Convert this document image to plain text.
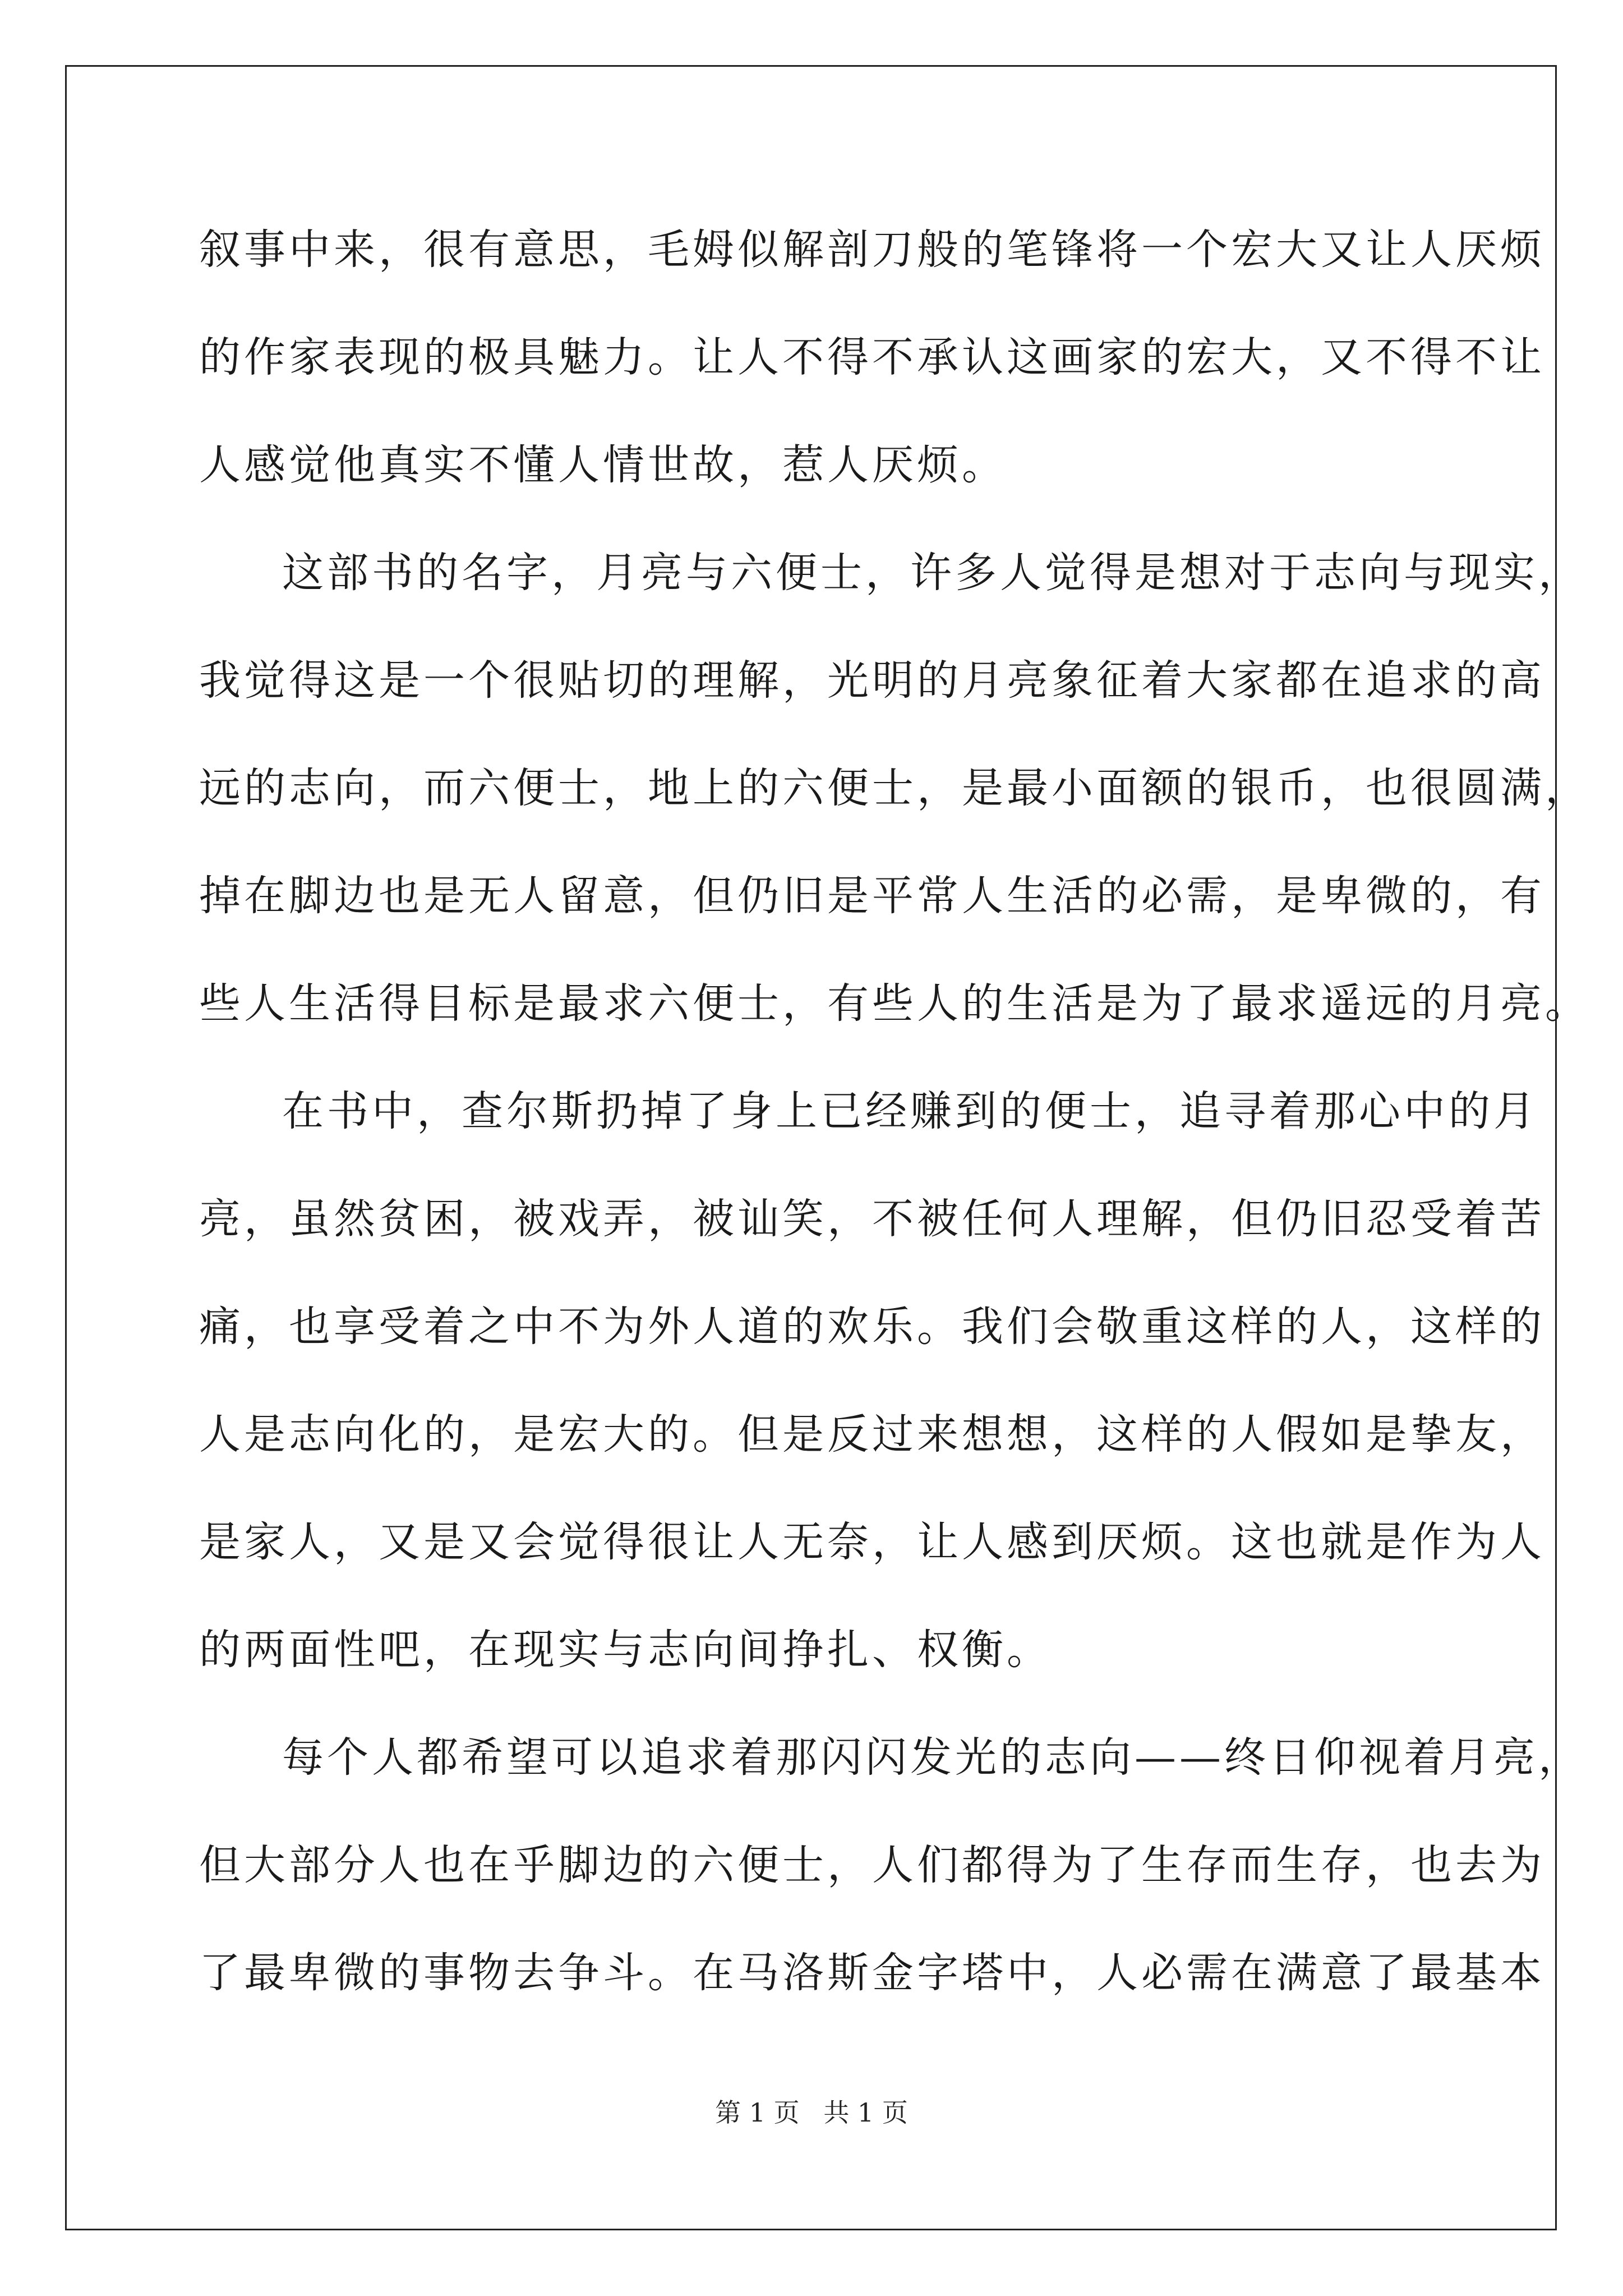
叙事中来，很有意思，毛姆似解剖刀般的笔锋将一个宏大又让人厌烦
的作家表现的极具魅力。让人不得不承认这画家的宏大，又不得不让
人感觉他真实不懂人情世故，惹人厌烦。
这部书的名字，月亮与六便士，许多人觉得是想对于志向与现实，
我觉得这是一个很贴切的理解，光明的月亮象征着大家都在追求的高
远的志向，而六便士，地上的六便士，是最小面额的银币，也很圆满，
掉在脚边也是无人留意，但仍旧是平常人生活的必需，是卑微的，有
些人生活得目标是最求六便士，有些人的生活是为了最求遥远的月亮。
在书中，查尔斯扔掉了身上已经赚到的便士，追寻着那心中的月
亮，虽然贫困，被戏弄，被讪笑，不被任何人理解，但仍旧忍受着苦
痛，也享受着之中不为外人道的欢乐。我们会敬重这样的人，这样的
人是志向化的，是宏大的。但是反过来想想，这样的人假如是挚友，
是家人，又是又会觉得很让人无奈，让人感到厌烦。这也就是作为人
的两面性吧，在现实与志向间挣扎、权衡。
每个人都希望可以追求着那闪闪发光的志向——终日仰视着月亮，
但大部分人也在乎脚边的六便士，人们都得为了生存而生存，也去为
了最卑微的事物去争斗。在马洛斯金字塔中，人必需在满意了最基本
第 1 页 共 1 页
